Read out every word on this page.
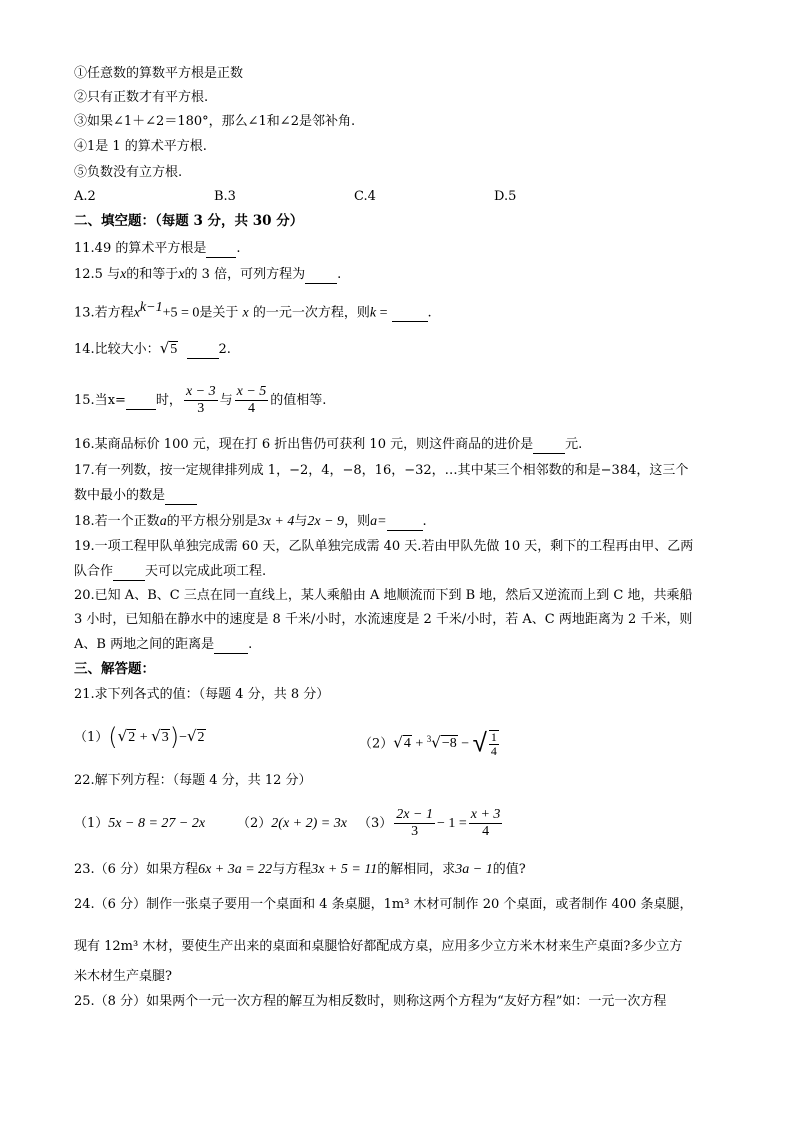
①任意数的算数平方根是正数
②只有正数才有平方根.
③如果∠1＋∠2＝180°，那么∠1和∠2是邻补角.
④1是 1 的算术平方根.
⑤负数没有立方根.
A.2	B.3	C.4	D.5
二、填空题：（每题 3 分，共 30 分）
11.49 的算术平方根是 .
12.5 与x的和等于x的 3 倍，可列方程为 .
13.若方程$x^{k-1}+5 = 0$是关于 x 的一元一次方程，则k =	.
14.比较大小：√5	2.
15.当x= 时， $\frac{x - 3}{3}$ 与 $\frac{x - 5}{4}$ 的值相等.
16.某商品标价 100 元，现在打 6 折出售仍可获利 10 元，则这件商品的进价是 元.
17.有一列数，按一定规律排列成 1，−2，4，−8，16，−32，…其中某三个相邻数的和是−384，这三个
数中最小的数是
18.若一个正数a的平方根分别是3x + 4与2x − 9，则a=	.
19.一项工程甲队单独完成需 60 天，乙队单独完成需 40 天.若由甲队先做 10 天，剩下的工程再由甲、乙两
队合作 天可以完成此项工程.
20.已知 A、B、C 三点在同一直线上，某人乘船由 A 地顺流而下到 B 地，然后又逆流而上到 C 地，共乘船
3 小时，已知船在静水中的速度是 8 千米/小时，水流速度是 2 千米/小时，若 A、C 两地距离为 2 千米，则
A、B 两地之间的距离是	.
三、解答题：
21.求下列各式的值：（每题 4 分，共 8 分）
（1）(√2 + √3)−√2	（2）√4 + $^3$√−8 − √ $\frac{1}{4}$
22.解下列方程：（每题 4 分，共 12 分）
（1）5x − 8 = 27 − 2x （2）2(x + 2) = 3x $(3) \frac{2x - 1}{3} - 1 = \frac{x + 3}{4}$
23.（6 分）如果方程6x + 3a = 22与方程3x + 5 = 11的解相同，求3a − 1的值?
24.（6 分）制作一张桌子要用一个桌面和 4 条桌腿，1m³ 木材可制作 20 个桌面，或者制作 400 条桌腿，
现有 12m³ 木材，要使生产出来的桌面和桌腿恰好都配成方桌，应用多少立方米木材来生产桌面?多少立方
米木材生产桌腿?
25.（8 分）如果两个一元一次方程的解互为相反数时，则称这两个方程为“友好方程”如：一元一次方程
